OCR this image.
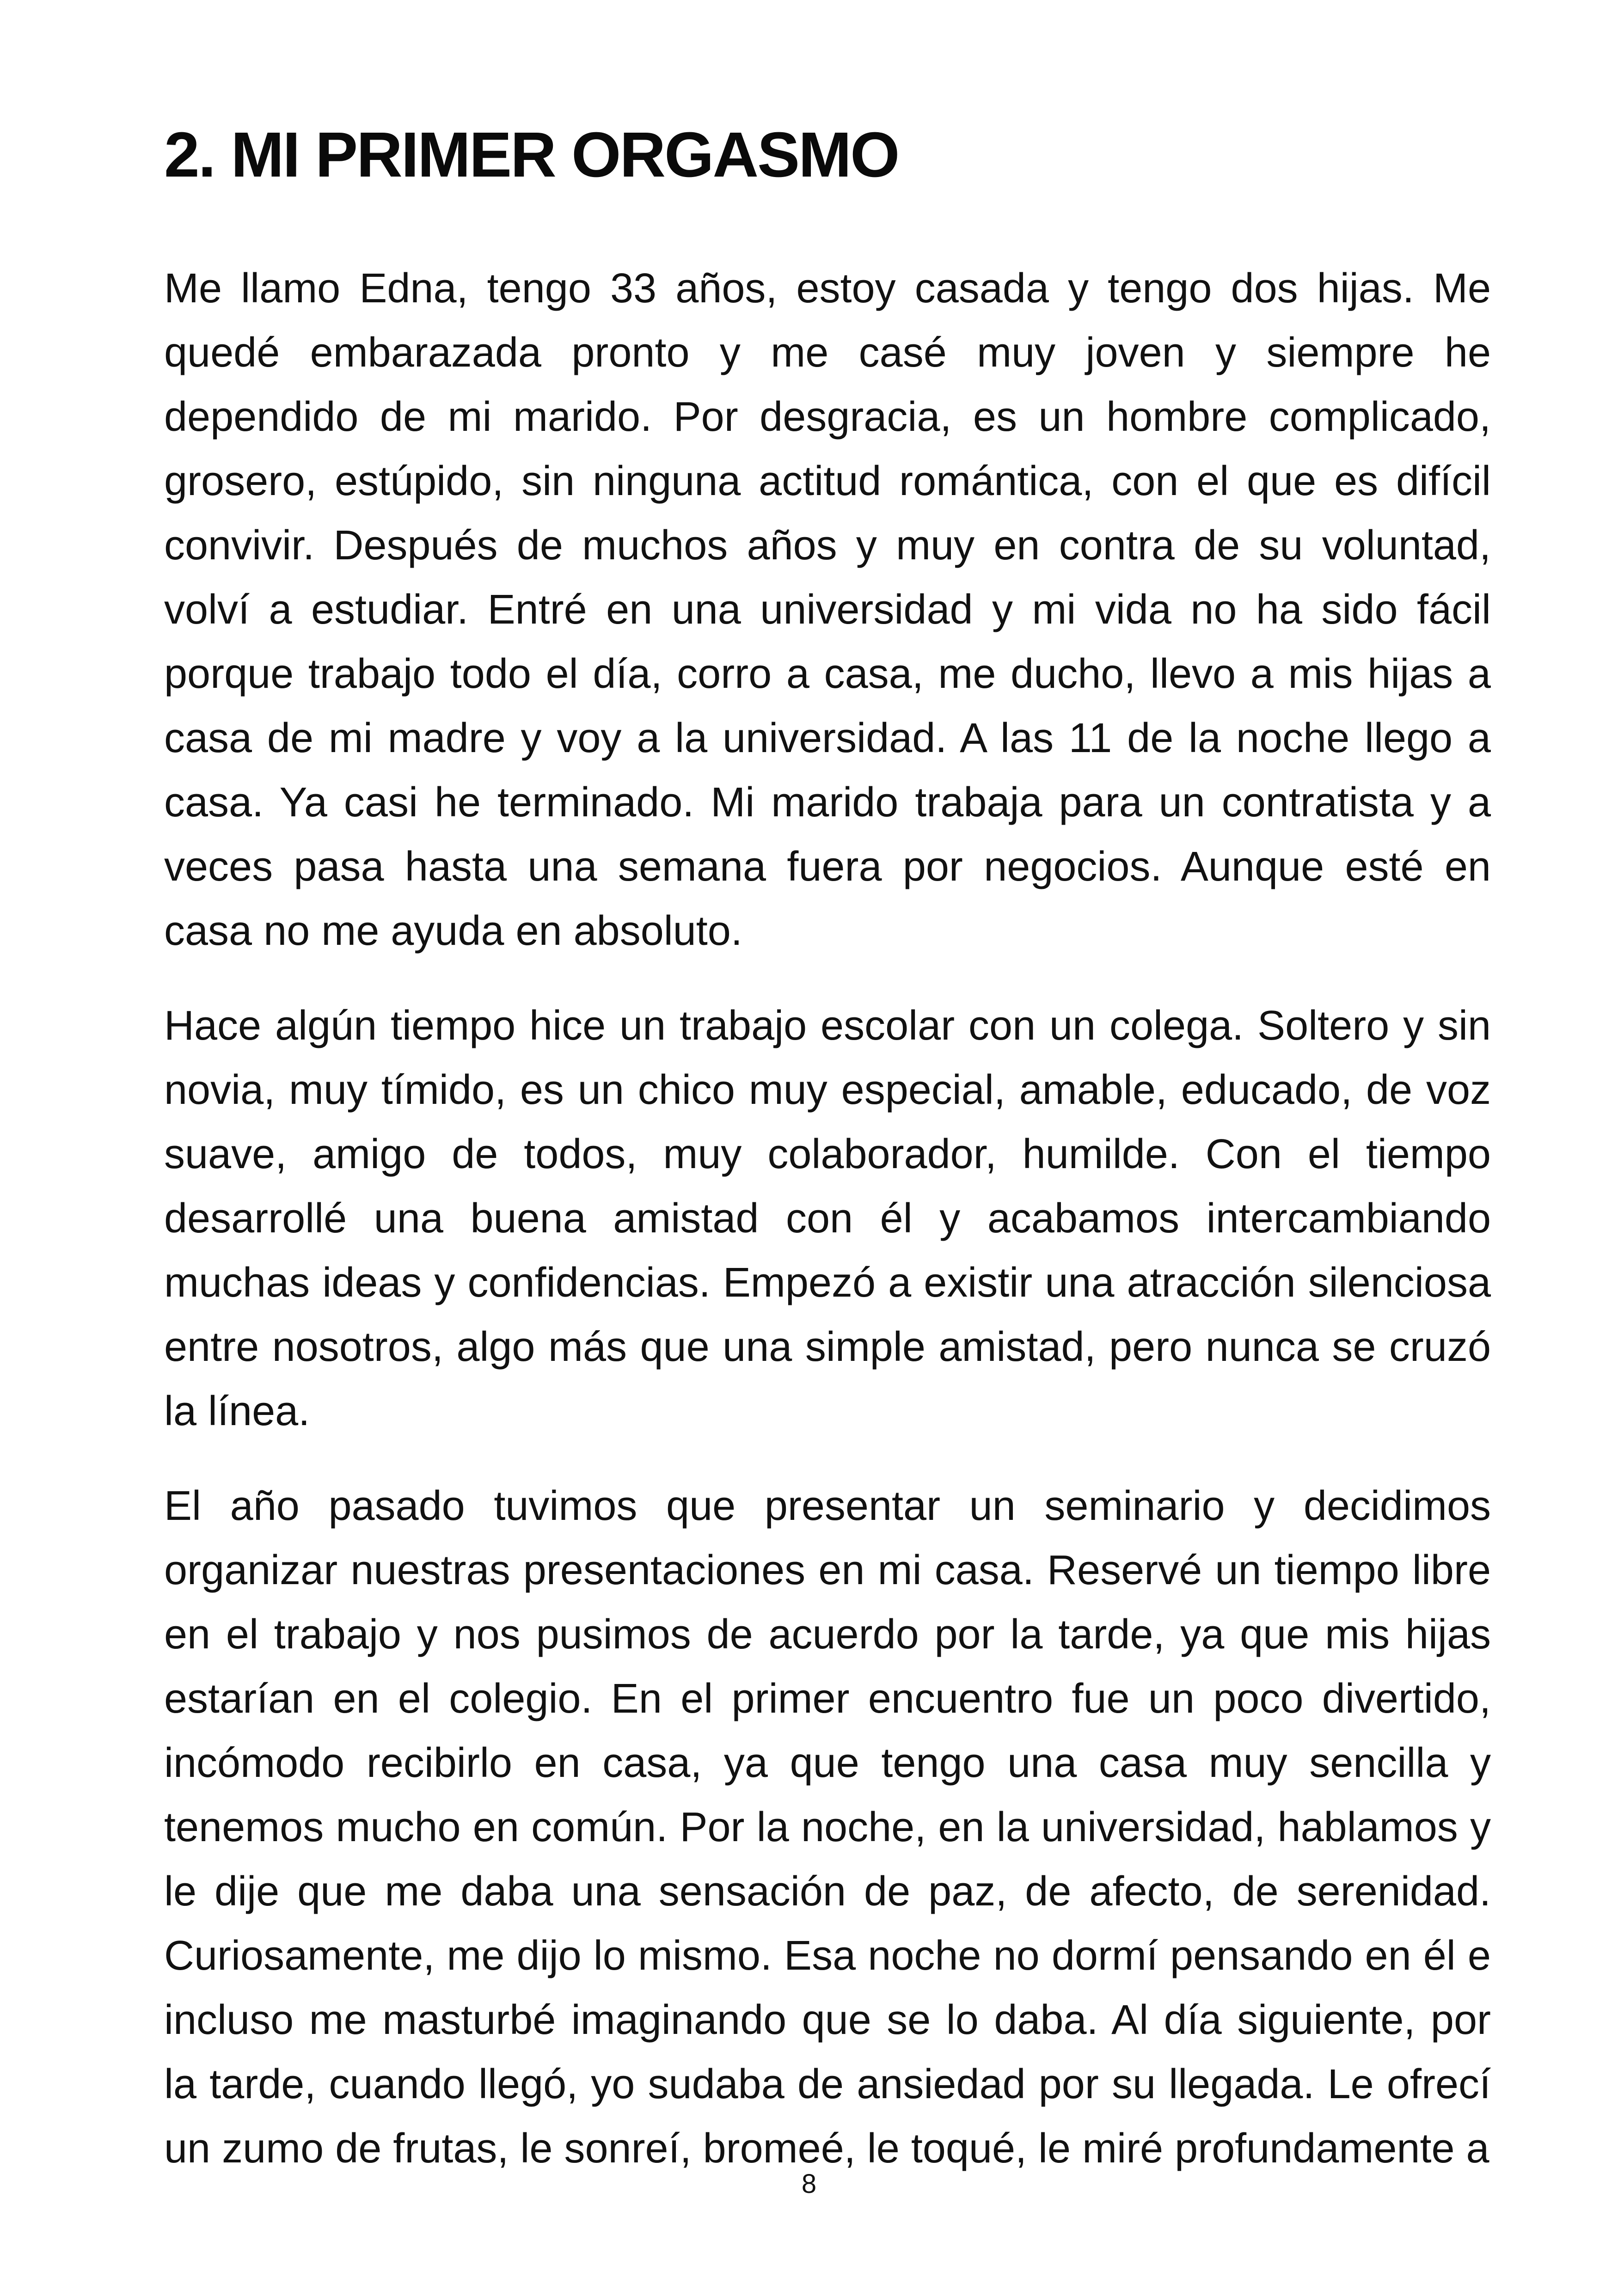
2. MI PRIMER ORGASMO

Me llamo Edna, tengo 33 años, estoy casada y tengo dos hijas. Me quedé embarazada pronto y me casé muy joven y siempre he dependido de mi marido. Por desgracia, es un hombre complicado, grosero, estúpido, sin ninguna actitud romántica, con el que es difícil convivir. Después de muchos años y muy en contra de su voluntad, volví a estudiar. Entré en una universidad y mi vida no ha sido fácil porque trabajo todo el día, corro a casa, me ducho, llevo a mis hijas a casa de mi madre y voy a la universidad. A las 11 de la noche llego a casa. Ya casi he terminado. Mi marido trabaja para un contratista y a veces pasa hasta una semana fuera por negocios. Aunque esté en casa no me ayuda en absoluto.

Hace algún tiempo hice un trabajo escolar con un colega. Soltero y sin novia, muy tímido, es un chico muy especial, amable, educado, de voz suave, amigo de todos, muy colaborador, humilde. Con el tiempo desarrollé una buena amistad con él y acabamos intercambiando muchas ideas y confidencias. Empezó a existir una atracción silenciosa entre nosotros, algo más que una simple amistad, pero nunca se cruzó la línea.

El año pasado tuvimos que presentar un seminario y decidimos organizar nuestras presentaciones en mi casa. Reservé un tiempo libre en el trabajo y nos pusimos de acuerdo por la tarde, ya que mis hijas estarían en el colegio. En el primer encuentro fue un poco divertido, incómodo recibirlo en casa, ya que tengo una casa muy sencilla y tenemos mucho en común. Por la noche, en la universidad, hablamos y le dije que me daba una sensación de paz, de afecto, de serenidad. Curiosamente, me dijo lo mismo. Esa noche no dormí pensando en él e incluso me masturbé imaginando que se lo daba. Al día siguiente, por la tarde, cuando llegó, yo sudaba de ansiedad por su llegada. Le ofrecí un zumo de frutas, le sonreí, bromeé, le toqué, le miré profundamente a

8
